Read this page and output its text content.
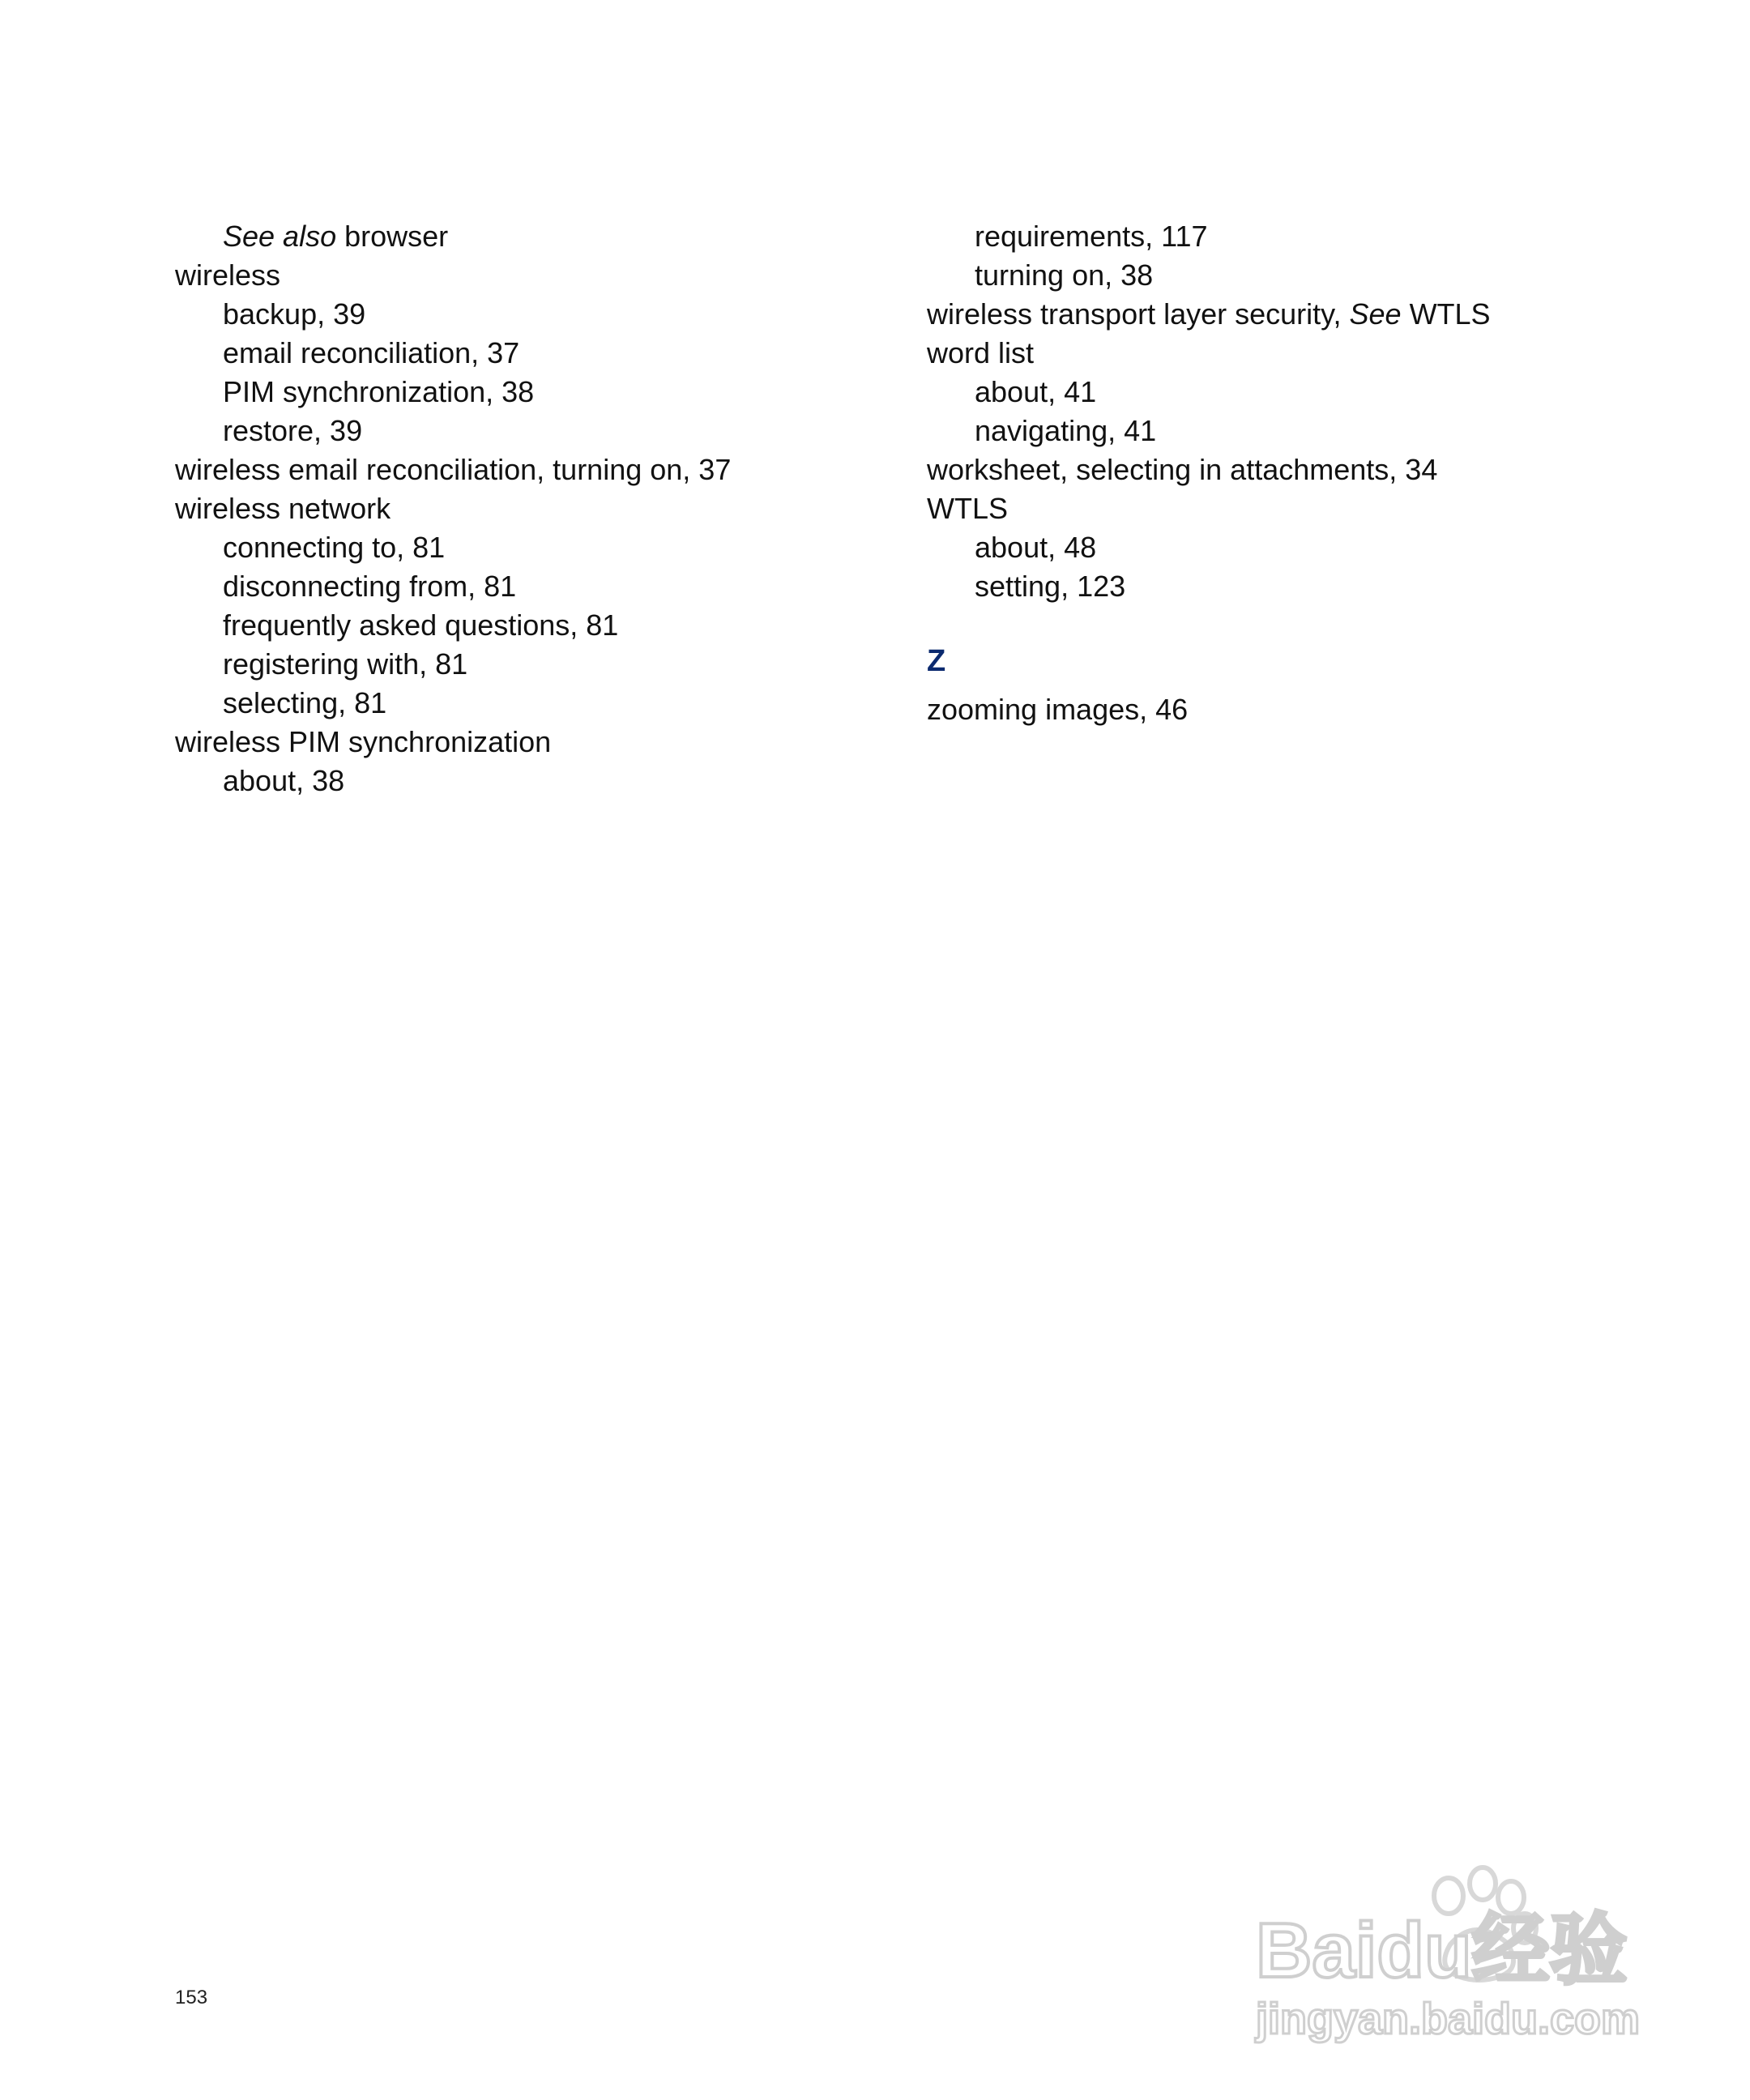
See also browser
wireless
backup, 39
email reconciliation, 37
PIM synchronization, 38
restore, 39
wireless email reconciliation, turning on, 37
wireless network
connecting to, 81
disconnecting from, 81
frequently asked questions, 81
registering with, 81
selecting, 81
wireless PIM synchronization
about, 38
requirements, 117
turning on, 38
wireless transport layer security, See WTLS
word list
about, 41
navigating, 41
worksheet, selecting in attachments, 34
WTLS
about, 48
setting, 123
Z
zooming images, 46
153
Baidu经验
jingyan.baidu.com
